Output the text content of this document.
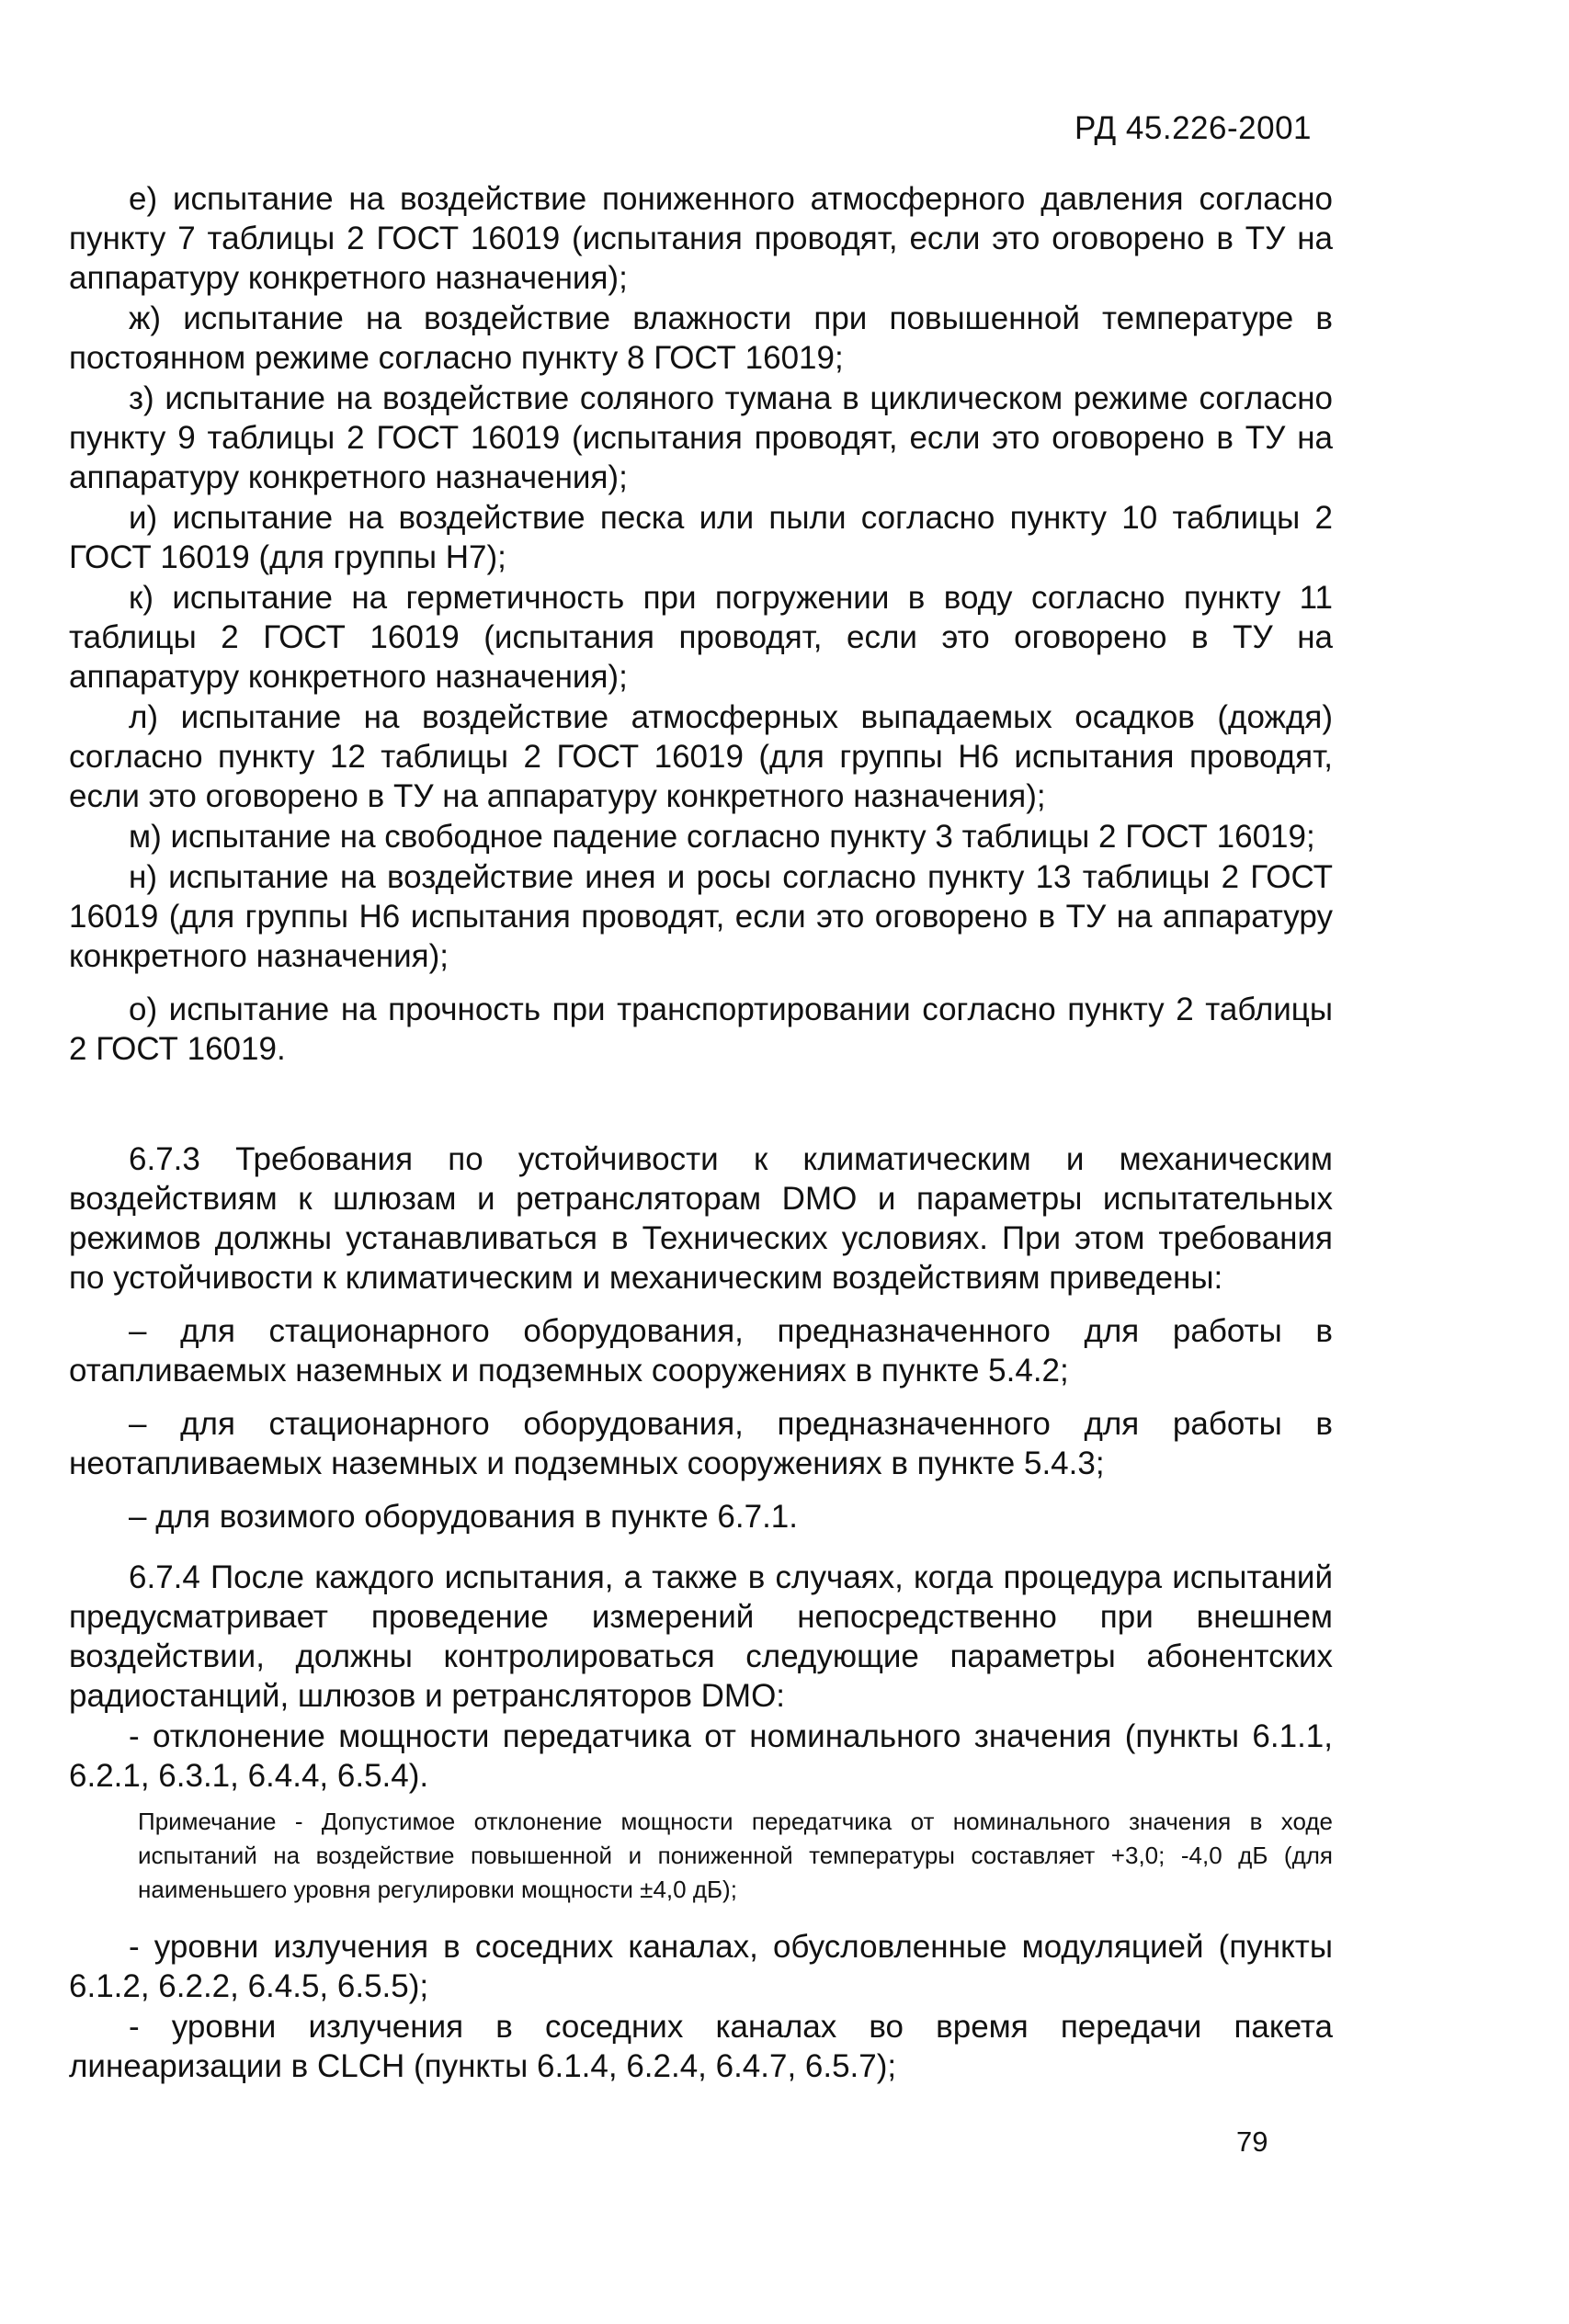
РД 45.226-2001

е) испытание на воздействие пониженного атмосферного давления согласно пункту 7 таблицы 2 ГОСТ 16019 (испытания проводят, если это оговорено в ТУ на аппаратуру конкретного назначения);

ж) испытание на воздействие влажности при повышенной температуре в постоянном режиме согласно пункту 8 ГОСТ 16019;

з) испытание на воздействие соляного тумана в циклическом режиме согласно пункту 9 таблицы 2 ГОСТ 16019 (испытания проводят, если это оговорено в ТУ на аппаратуру конкретного назначения);

и) испытание на воздействие песка или пыли согласно пункту 10 таблицы 2 ГОСТ 16019 (для группы Н7);

к) испытание на герметичность при погружении в воду согласно пункту 11 таблицы 2 ГОСТ 16019 (испытания проводят, если это оговорено в ТУ на аппаратуру конкретного назначения);

л) испытание на воздействие атмосферных выпадаемых осадков (дождя) согласно пункту 12 таблицы 2 ГОСТ 16019 (для группы Н6 испытания проводят, если это оговорено в ТУ на аппаратуру конкретного назначения);

м) испытание на свободное падение согласно пункту 3 таблицы 2 ГОСТ 16019;

н) испытание на воздействие инея и росы согласно пункту 13 таблицы 2 ГОСТ 16019 (для группы Н6 испытания проводят, если это оговорено в ТУ на аппаратуру конкретного назначения);

о) испытание на прочность при транспортировании согласно пункту 2 таблицы 2 ГОСТ 16019.

6.7.3 Требования по устойчивости к климатическим и механическим воздействиям к шлюзам и ретрансляторам DMO и параметры испытательных режимов должны устанавливаться в Технических условиях. При этом требования по устойчивости к климатическим и механическим воздействиям приведены:

– для стационарного оборудования, предназначенного для работы в отапливаемых наземных и подземных сооружениях в пункте 5.4.2;

– для стационарного оборудования, предназначенного для работы в неотапливаемых наземных и подземных сооружениях в пункте 5.4.3;

– для возимого оборудования в пункте 6.7.1.

6.7.4 После каждого испытания, а также в случаях, когда процедура испытаний предусматривает проведение измерений непосредственно при внешнем воздействии, должны контролироваться следующие параметры абонентских радиостанций, шлюзов и ретрансляторов DMO:

- отклонение мощности передатчика от номинального значения (пункты 6.1.1, 6.2.1, 6.3.1, 6.4.4, 6.5.4).

Примечание - Допустимое отклонение мощности передатчика от номинального значения в ходе испытаний на воздействие повышенной и пониженной температуры составляет +3,0; -4,0 дБ (для наименьшего уровня регулировки мощности ±4,0 дБ);

- уровни излучения в соседних каналах, обусловленные модуляцией (пункты 6.1.2, 6.2.2, 6.4.5, 6.5.5);

- уровни излучения в соседних каналах во время передачи пакета линеаризации в CLCH (пункты 6.1.4, 6.2.4, 6.4.7, 6.5.7);

79
